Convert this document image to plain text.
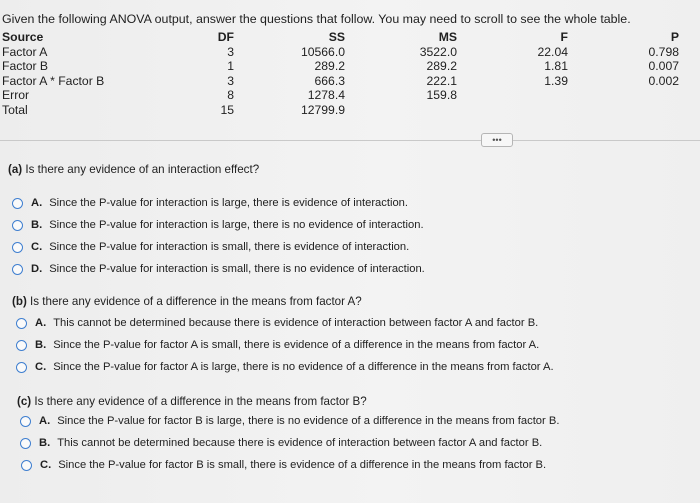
Given the following ANOVA output, answer the questions that follow. You may need to scroll to see the whole table.
Source	DF	SS	MS	F	P
Factor A	3	10566.0	3522.0	22.04	0.798
Factor B	1	289.2	289.2	1.81	0.007
Factor A * Factor B	3	666.3	222.1	1.39	0.002
Error	8	1278.4	159.8		
Total	15	12799.9			
•••
(a) Is there any evidence of an interaction effect?
A. Since the P-value for interaction is large, there is evidence of interaction.
B. Since the P-value for interaction is large, there is no evidence of interaction.
C. Since the P-value for interaction is small, there is evidence of interaction.
D. Since the P-value for interaction is small, there is no evidence of interaction.
(b) Is there any evidence of a difference in the means from factor A?
A. This cannot be determined because there is evidence of interaction between factor A and factor B.
B. Since the P-value for factor A is small, there is evidence of a difference in the means from factor A.
C. Since the P-value for factor A is large, there is no evidence of a difference in the means from factor A.
(c) Is there any evidence of a difference in the means from factor B?
A. Since the P-value for factor B is large, there is no evidence of a difference in the means from factor B.
B. This cannot be determined because there is evidence of interaction between factor A and factor B.
C. Since the P-value for factor B is small, there is evidence of a difference in the means from factor B.
